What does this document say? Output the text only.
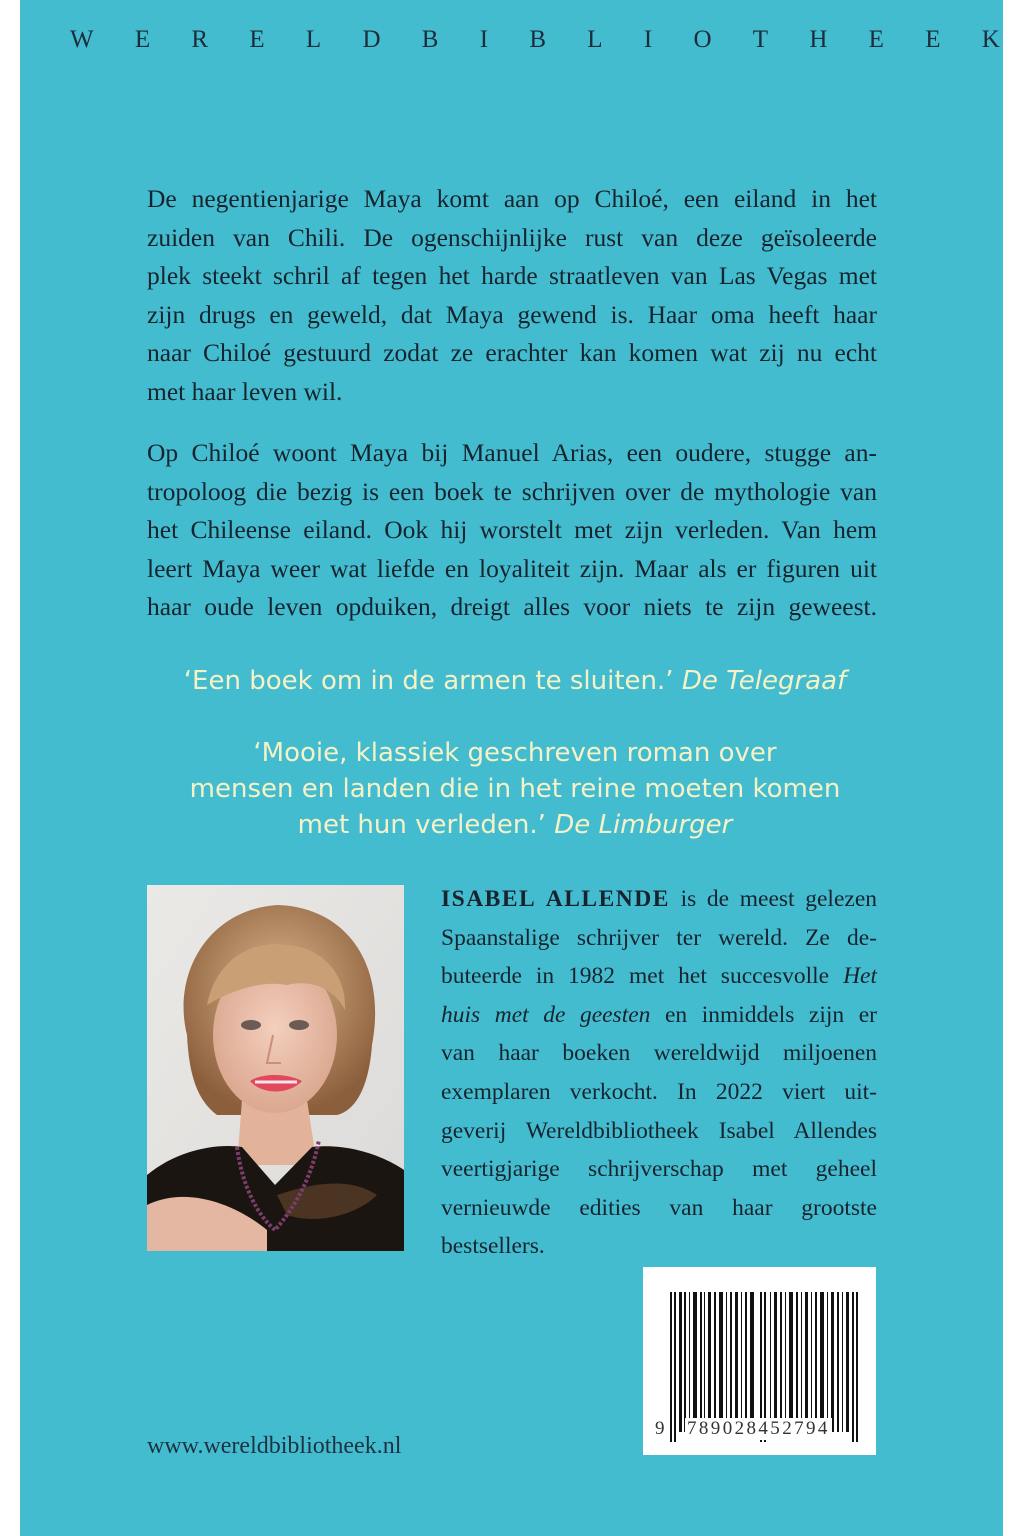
W E R E L D B I B L I O T H E E K

De negentienjarige Maya komt aan op Chiloé, een eiland in het
zuiden van Chili. De ogenschijnlijke rust van deze geïsoleerde
plek steekt schril af tegen het harde straatleven van Las Vegas met
zijn drugs en geweld, dat Maya gewend is. Haar oma heeft haar
naar Chiloé gestuurd zodat ze erachter kan komen wat zij nu echt
met haar leven wil.

Op Chiloé woont Maya bij Manuel Arias, een oudere, stugge an-
tropoloog die bezig is een boek te schrijven over de mythologie van
het Chileense eiland. Ook hij worstelt met zijn verleden. Van hem
leert Maya weer wat liefde en loyaliteit zijn. Maar als er figuren uit
haar oude leven opduiken, dreigt alles voor niets te zijn geweest.

‘Een boek om in de armen te sluiten.’ De Telegraaf

‘Mooie, klassiek geschreven roman over
mensen en landen die in het reine moeten komen
met hun verleden.’ De Limburger

ISABEL ALLENDE is de meest gelezen
Spaanstalige schrijver ter wereld. Ze de-
buteerde in 1982 met het succesvolle Het
huis met de geesten en inmiddels zijn er
van haar boeken wereldwijd miljoenen
exemplaren verkocht. In 2022 viert uit-
geverij Wereldbibliotheek Isabel Allendes
veertigjarige schrijverschap met geheel
vernieuwde edities van haar grootste
bestsellers.
9 789028452794
www.wereldbibliotheek.nl
